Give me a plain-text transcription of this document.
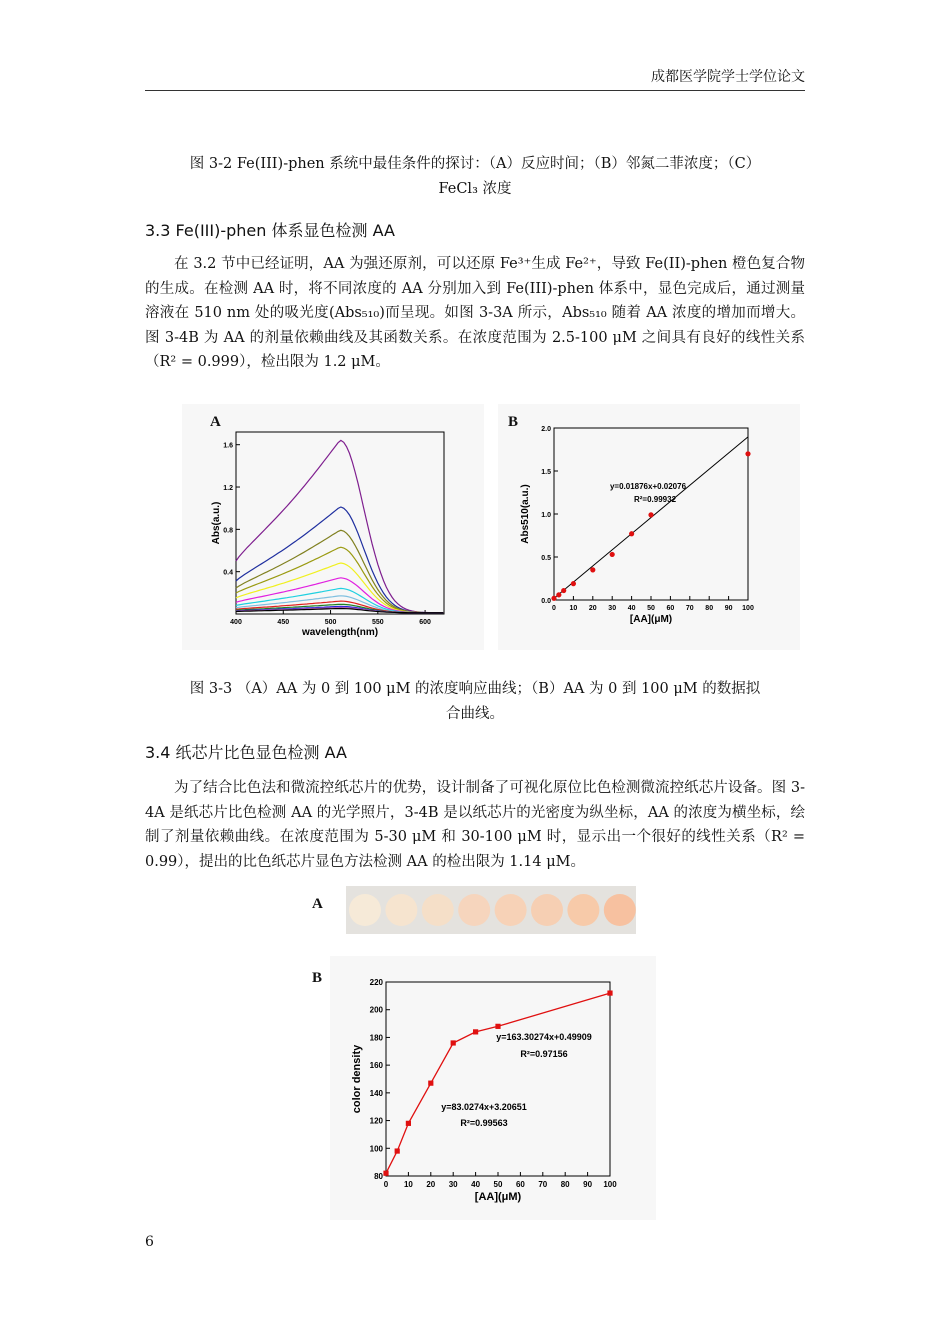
成都医学院学士学位论文
图 3-2 Fe(III)-phen 系统中最佳条件的探讨：（A）反应时间；（B）邻氮二菲浓度；（C）
FeCl₃ 浓度
3.3 Fe(III)-phen 体系显色检测 AA
在 3.2 节中已经证明，AA 为强还原剂，可以还原 Fe³⁺生成 Fe²⁺，导致 Fe(II)-phen 橙色复合物的生成。在检测 AA 时，将不同浓度的 AA 分别加入到 Fe(III)-phen 体系中，显色完成后，通过测量溶液在 510 nm 处的吸光度(Abs₅₁₀)而呈现。如图 3-3A 所示，Abs₅₁₀ 随着 AA 浓度的增加而增大。图 3-4B 为 AA 的剂量依赖曲线及其函数关系。在浓度范围为 2.5-100 μM 之间具有良好的线性关系（R² = 0.999），检出限为 1.2 μM。
400	450	500	550	600
0.4
0.8
1.2
1.6
wavelength(nm)
Abs(a.u.)
A
0 10 20 30 40 50 60 70 80 90 100
0.0
0.5
1.0
1.5
2.0
[AA](μM)
Abs510(a.u.)	y=0.01876x+0.02076
R²=0.99932
B
图 3-3 （A）AA 为 0 到 100 μM 的浓度响应曲线；（B）AA 为 0 到 100 μM 的数据拟
合曲线。
3.4 纸芯片比色显色检测 AA
为了结合比色法和微流控纸芯片的优势，设计制备了可视化原位比色检测微流控纸芯片设备。图 3-4A 是纸芯片比色检测 AA 的光学照片，3-4B 是以纸芯片的光密度为纵坐标，AA 的浓度为横坐标，绘制了剂量依赖曲线。在浓度范围为 5-30 μM 和 30-100 μM 时，显示出一个很好的线性关系（R² = 0.99），提出的比色纸芯片显色方法检测 AA 的检出限为 1.14 μM。
A
B
0 10 20 30 40 50 60 70 80 90 100
80
100
120
140
160
180
200
220
[AA](μM)
color density
y=163.30274x+0.49909
R²=0.97156
y=83.0274x+3.20651
R²=0.99563
6
